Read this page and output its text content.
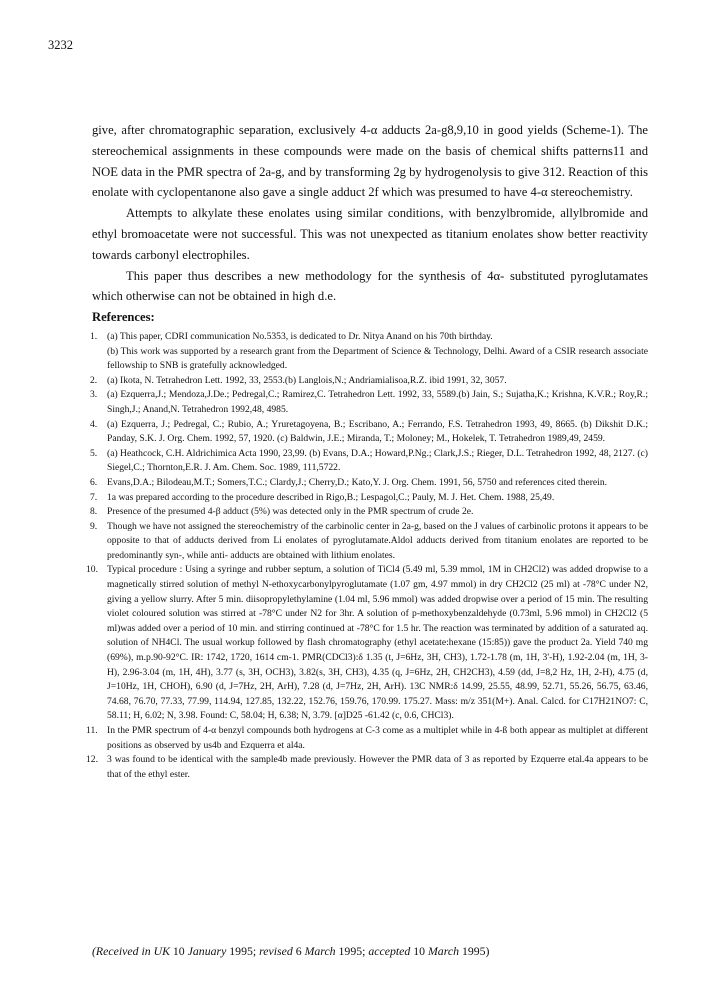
3232

give, after chromatographic separation, exclusively 4-α adducts 2a-g8,9,10 in good yields (Scheme-1). The stereochemical assignments in these compounds were made on the basis of chemical shifts patterns11 and NOE data in the PMR spectra of 2a-g, and by transforming 2g by hydrogenolysis to give 312. Reaction of this enolate with cyclopentanone also gave a single adduct 2f which was presumed to have 4-α stereochemistry.

Attempts to alkylate these enolates using similar conditions, with benzylbromide, allylbromide and ethyl bromoacetate were not successful. This was not unexpected as titanium enolates show better reactivity towards carbonyl electrophiles.

This paper thus describes a new methodology for the synthesis of 4α- substituted pyroglutamates which otherwise can not be obtained in high d.e.

References:

1. (a) This paper, CDRI communication No.5353, is dedicated to Dr. Nitya Anand on his 70th birthday.
(b) This work was supported by a research grant from the Department of Science & Technology, Delhi. Award of a CSIR research associate fellowship to SNB is gratefully acknowledged.
2. (a) Ikota, N. Tetrahedron Lett. 1992, 33, 2553.(b) Langlois,N.; Andriamialisoa,R.Z. ibid 1991, 32, 3057.
3. (a) Ezquerra,J.; Mendoza,J.De.; Pedregal,C.; Ramirez,C. Tetrahedron Lett. 1992, 33, 5589.(b) Jain, S.; Sujatha,K.; Krishna, K.V.R.; Roy,R.; Singh,J.; Anand,N. Tetrahedron 1992,48, 4985.
4. (a) Ezquerra, J.; Pedregal, C.; Rubio, A.; Yruretagoyena, B.; Escribano, A.; Ferrando, F.S. Tetrahedron 1993, 49, 8665. (b) Dikshit D.K.; Panday, S.K. J. Org. Chem. 1992, 57, 1920. (c) Baldwin, J.E.; Miranda, T.; Moloney; M., Hokelek, T. Tetrahedron 1989,49, 2459.
5. (a) Heathcock, C.H. Aldrichimica Acta 1990, 23,99. (b) Evans, D.A.; Howard,P.Ng.; Clark,J.S.; Rieger, D.L. Tetrahedron 1992, 48, 2127. (c) Siegel,C.; Thornton,E.R. J. Am. Chem. Soc. 1989, 111,5722.
6. Evans,D.A.; Bilodeau,M.T.; Somers,T.C.; Clardy,J.; Cherry,D.; Kato,Y. J. Org. Chem. 1991, 56, 5750 and references cited therein.
7. 1a was prepared according to the procedure described in Rigo,B.; Lespagol,C.; Pauly, M. J. Het. Chem. 1988, 25,49.
8. Presence of the presumed 4-β adduct (5%) was detected only in the PMR spectrum of crude 2e.
9. Though we have not assigned the stereochemistry of the carbinolic center in 2a-g, based on the J values of carbinolic protons it appears to be opposite to that of adducts derived from Li enolates of pyroglutamate.Aldol adducts derived from titanium enolates are reported to be predominantly syn-, while anti- adducts are obtained with lithium enolates.
10. Typical procedure : Using a syringe and rubber septum, a solution of TiCl4 (5.49 ml, 5.39 mmol, 1M in CH2Cl2) was added dropwise to a magnetically stirred solution of methyl N-ethoxycarbonylpyroglutamate (1.07 gm, 4.97 mmol) in dry CH2Cl2 (25 ml) at -78°C under N2, giving a yellow slurry. After 5 min. diisopropylethylamine (1.04 ml, 5.96 mmol) was added dropwise over a period of 15 min. The resulting violet coloured solution was stirred at -78°C under N2 for 3hr. A solution of p-methoxybenzaldehyde (0.73ml, 5.96 mmol) in CH2Cl2 (5 ml)was added over a period of 10 min. and stirring continued at -78°C for 1.5 hr. The reaction was terminated by addition of a saturated aq. solution of NH4Cl. The usual workup followed by flash chromatography (ethyl acetate:hexane (15:85)) gave the product 2a. Yield 740 mg (69%), m.p.90-92°C. IR: 1742, 1720, 1614 cm-1. PMR(CDCl3):δ 1.35 (t, J=6Hz, 3H, CH3), 1.72-1.78 (m, 1H, 3'-H), 1.92-2.04 (m, 1H, 3-H), 2.96-3.04 (m, 1H, 4H), 3.77 (s, 3H, OCH3), 3.82(s, 3H, CH3), 4.35 (q, J=6Hz, 2H, CH2CH3), 4.59 (dd, J=8,2 Hz, 1H, 2-H), 4.75 (d, J=10Hz, 1H, CHOH), 6.90 (d, J=7Hz, 2H, ArH), 7.28 (d, J=7Hz, 2H, ArH). 13C NMR:δ 14.99, 25.55, 48.99, 52.71, 55.26, 56.75, 63.46, 74.68, 76.70, 77.33, 77.99, 114.94, 127.85, 132.22, 152.76, 159.76, 170.99. 175.27. Mass: m/z 351(M+). Anal. Calcd. for C17H21NO7: C, 58.11; H, 6.02; N, 3.98. Found: C, 58.04; H, 6.38; N, 3.79. [α]D25 -61.42 (c, 0.6, CHCl3).
11. In the PMR spectrum of 4-α benzyl compounds both hydrogens at C-3 come as a multiplet while in 4-ß both appear as multiplet at different positions as observed by us4b and Ezquerra et al4a.
12. 3 was found to be identical with the sample4b made previously. However the PMR data of 3 as reported by Ezquerre etal.4a appears to be that of the ethyl ester.
(Received in UK 10 January 1995; revised 6 March 1995; accepted 10 March 1995)
